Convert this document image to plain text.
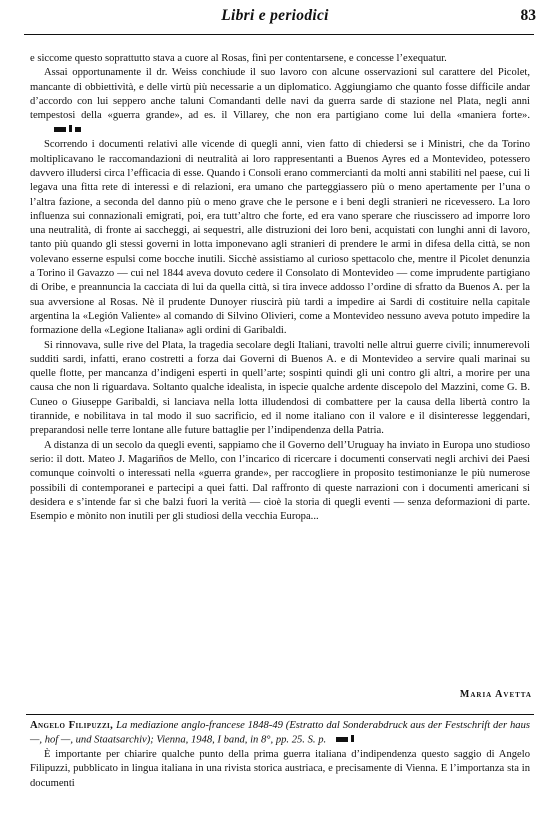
Libri e periodici	83

e siccome questo soprattutto stava a cuore al Rosas, finì per contentarsene, e concesse l’exequatur.

Assai opportunamente il dr. Weiss conchiude il suo lavoro con alcune osservazioni sul carattere del Picolet, mancante di obbiettività, e delle virtù più necessarie a un diplomatico. Aggiungiamo che quanto fosse difficile andar d’accordo con lui seppero anche taluni Comandanti delle navi da guerra sarde di stazione nel Plata, negli anni tempestosi della «guerra grande», ad es. il Villarey, che non era partigiano come lui della «maniera forte».

Scorrendo i documenti relativi alle vicende di quegli anni, vien fatto di chiedersi se i Ministri, che da Torino moltiplicavano le raccomandazioni di neutralità ai loro rappresentanti a Buenos Ayres ed a Montevideo, potessero davvero illudersi circa l’efficacia di esse. Quando i Consoli erano commercianti da molti anni stabiliti nel paese, cui li legava una fitta rete di interessi e di relazioni, era umano che parteggiassero più o meno apertamente per l’una o l’altra fazione, a seconda del danno più o meno grave che le persone e i beni degli stranieri ne ricevessero. La loro influenza sui connazionali emigrati, poi, era tutt’altro che forte, ed era vano sperare che riuscissero ad imporre loro una neutralità, di fronte ai saccheggi, ai sequestri, alle distruzioni dei loro beni, acquistati con lunghi anni di lavoro, tanto più quando gli stessi governi in lotta imponevano agli stranieri di prendere le armi in difesa della città, se non volevano esserne espulsi come bocche inutili. Sicchè assistiamo al curioso spettacolo che, mentre il Picolet denunzia a Torino il Gavazzo — cui nel 1844 aveva dovuto cedere il Consolato di Montevideo — come imprudente partigiano di Oribe, e preannuncia la cacciata di lui da quella città, si tira invece addosso l’ordine di sfratto da Buenos A. per la sua avversione al Rosas. Nè il prudente Dunoyer riuscirà più tardi a impedire ai Sardi di costituire nella capitale argentina la «Legión Valiente» al comando di Silvino Olivieri, come a Montevideo nessuno aveva potuto impedire la formazione della «Legione Italiana» agli ordini di Garibaldi.

Si rinnovava, sulle rive del Plata, la tragedia secolare degli Italiani, travolti nelle altrui guerre civili; innumerevoli sudditi sardi, infatti, erano costretti a forza dai Governi di Buenos A. e di Montevideo a servire quali marinai su quelle flotte, per mancanza d’indigeni esperti in quell’arte; sospinti quindi gli uni contro gli altri, a morire per una causa che non li riguardava. Soltanto qualche idealista, in ispecie qualche ardente discepolo del Mazzini, come G. B. Cuneo o Giuseppe Garibaldi, si lanciava nella lotta illudendosi di combattere per la causa della libertà contro la tirannide, e nobilitava in tal modo il suo sacrificio, ed il nome italiano con il valore e il disinteresse leggendari, preparandosi nelle terre lontane alle future battaglie per l’indipendenza della Patria.

A distanza di un secolo da quegli eventi, sappiamo che il Governo dell’Uruguay ha inviato in Europa uno studioso serio: il dott. Mateo J. Magariños de Mello, con l’incarico di ricercare i documenti conservati negli archivi dei Paesi comunque coinvolti o interessati nella «guerra grande», per raccogliere in proposito testimonianze le più numerose possibili di contemporanei e partecipi a quei fatti. Dal raffronto di queste narrazioni con i documenti americani si desidera e s’intende far sì che balzi fuori la verità — cioè la storia di quegli eventi — senza deformazioni di parte. Esempio e mònito non inutili per gli studiosi della vecchia Europa...

Maria Avetta

Angelo Filipuzzi, La mediazione anglo-francese 1848-49 (Estratto dal Sonderabdruck aus der Festschrift der haus —, hof —, und Staatsarchiv); Vienna, 1948, I band, in 8°, pp. 25. S. p.

È importante per chiarire qualche punto della prima guerra italiana d’indipendenza questo saggio di Angelo Filipuzzi, pubblicato in lingua italiana in una rivista storica austriaca, e precisamente di Vienna. E l’importanza sta in documenti
